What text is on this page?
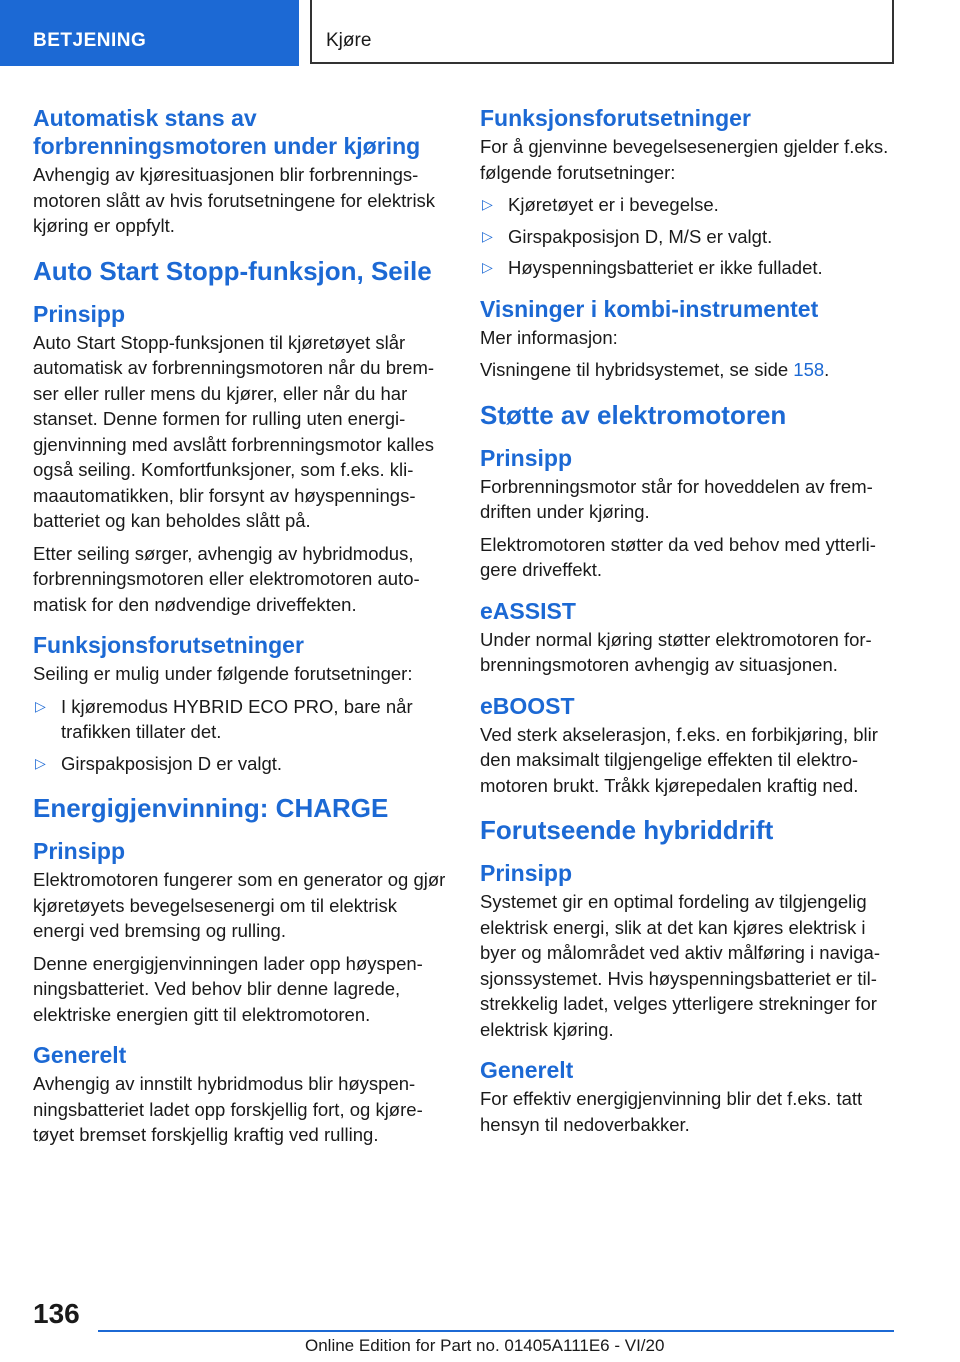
BETJENING	Kjøre
Automatisk stans av forbrenningsmotoren under kjøring

Avhengig av kjøresituasjonen blir forbrenningsmotoren slått av hvis forutsetningene for elektrisk kjøring er oppfylt.

Auto Start Stopp-funksjon, Seile
Prinsipp

Auto Start Stopp-funksjonen til kjøretøyet slår automatisk av forbrenningsmotoren når du bremser eller ruller mens du kjører, eller når du har stanset. Denne formen for rulling uten energigjenvinning med avslått forbrenningsmotor kalles også seiling. Komfortfunksjoner, som f.eks. klimaautomatikken, blir forsynt av høyspenningsbatteriet og kan beholdes slått på.

Etter seiling sørger, avhengig av hybridmodus, forbrenningsmotoren eller elektromotoren automatisk for den nødvendige driveffekten.

Funksjonsforutsetninger

Seiling er mulig under følgende forutsetninger:

▷ I kjøremodus HYBRID ECO PRO, bare når trafikken tillater det.
▷ Girspakposisjon D er valgt.
Energigjenvinning: CHARGE
Prinsipp

Elektromotoren fungerer som en generator og gjør kjøretøyets bevegelsesenergi om til elektrisk energi ved bremsing og rulling.

Denne energigjenvinningen lader opp høyspenningsbatteriet. Ved behov blir denne lagrede, elektriske energien gitt til elektromotoren.

Generelt

Avhengig av innstilt hybridmodus blir høyspenningsbatteriet ladet opp forskjellig fort, og kjøretøyet bremset forskjellig kraftig ved rulling.

Funksjonsforutsetninger

For å gjenvinne bevegelsesenergien gjelder f.eks. følgende forutsetninger:

▷ Kjøretøyet er i bevegelse.
▷ Girspakposisjon D, M/S er valgt.
▷ Høyspenningsbatteriet er ikke fulladet.
Visninger i kombi-instrumentet

Mer informasjon:

Visningene til hybridsystemet, se side 158.

Støtte av elektromotoren
Prinsipp

Forbrenningsmotor står for hoveddelen av fremdriften under kjøring.

Elektromotoren støtter da ved behov med ytterligere driveffekt.

eASSIST

Under normal kjøring støtter elektromotoren forbrenningsmotoren avhengig av situasjonen.

eBOOST

Ved sterk akselerasjon, f.eks. en forbikjøring, blir den maksimalt tilgjengelige effekten til elektromotoren brukt. Tråkk kjørepedalen kraftig ned.

Forutseende hybriddrift
Prinsipp

Systemet gir en optimal fordeling av tilgjengelig elektrisk energi, slik at det kan kjøres elektrisk i byer og målområdet ved aktiv målføring i navigasjonssystemet. Hvis høyspenningsbatteriet er tilstrekkelig ladet, velges ytterligere strekninger for elektrisk kjøring.

Generelt

For effektiv energigjenvinning blir det f.eks. tatt hensyn til nedoverbakker.

136
Online Edition for Part no. 01405A111E6 - VI/20
